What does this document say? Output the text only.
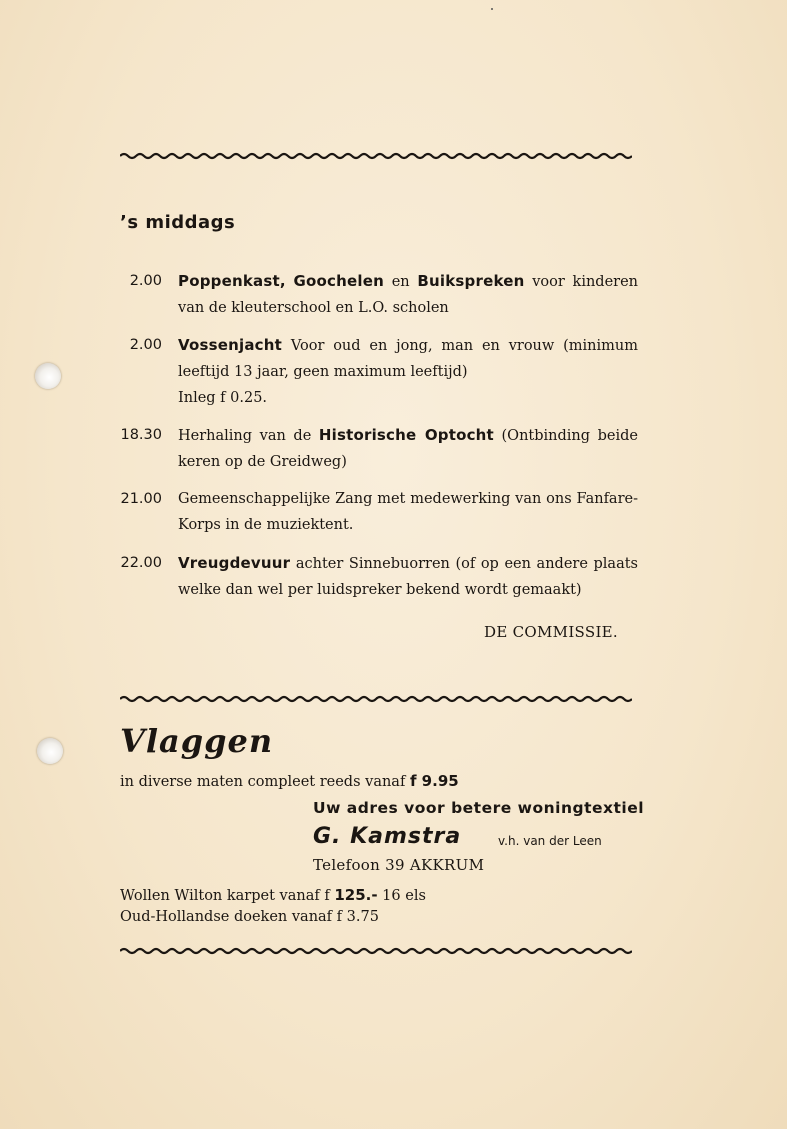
’s middags
2.00 Poppenkast, Goochelen en Buikspreken voor kinderen van de kleuterschool en L.O. scholen
2.00 Vossenjacht Voor oud en jong, man en vrouw (minimum leeftijd 13 jaar, geen maximum leeftijd)
Inleg f 0.25.
18.30 Herhaling van de Historische Optocht (Ontbinding beide keren op de Greidweg)
21.00 Gemeenschappelijke Zang met medewerking van ons Fanfare-Korps in de muziektent.
22.00 Vreugdevuur achter Sinnebuorren (of op een andere plaats welke dan wel per luidspreker bekend wordt gemaakt)
DE COMMISSIE.
Vlaggen
in diverse maten compleet reeds vanaf f 9.95
Uw adres voor betere woningtextiel
G. Kamstra	v.h. van der Leen
Telefoon 39 AKKRUM
Wollen Wilton karpet vanaf f 125.- 16 els
Oud-Hollandse doeken vanaf f 3.75
